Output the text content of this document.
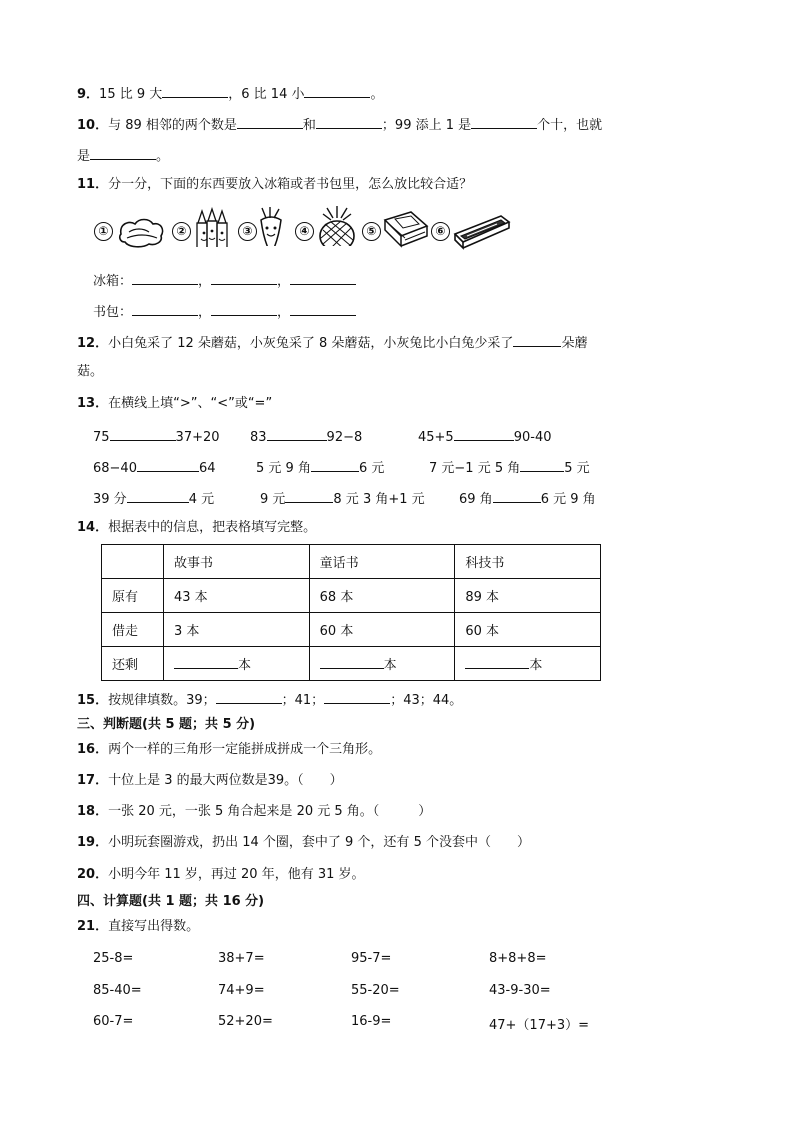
9．15 比 9 大	，6 比 14 小	。
10．与 89 相邻的两个数是	和	；99 添上 1 是	个十，也就
是	。
11．分一分，下面的东西要放入冰箱或者书包里，怎么放比较合适？
①	②	③	④	⑤	⑥
冰箱：	，	，
书包：	，	，
12．小白兔采了 12 朵蘑菇，小灰兔采了 8 朵蘑菇，小灰兔比小白兔少采了	朵蘑
菇。
13．在横线上填“>”、“<”或“=”
75	37+20 83	92−8	45+5	90-40
68−40	64	5 元 9 角	6 元	7 元−1 元 5 角	5 元
39 分	4 元	9 元	8 元 3 角+1 元	69 角	6 元 9 角
14．根据表中的信息，把表格填写完整。
	故事书	童话书	科技书
原有	43 本	68 本	89 本
借走	3 本	60 本	60 本
还剩	本	本	本
15．按规律填数。39；	；41；	；43；44。
三、判断题(共 5 题；共 5 分)
16．两个一样的三角形一定能拼成拼成一个三角形。
17．十位上是 3 的最大两位数是39。（　　）
18．一张 20 元，一张 5 角合起来是 20 元 5 角。（　　　）
19．小明玩套圈游戏，扔出 14 个圈，套中了 9 个，还有 5 个没套中（　　）
20．小明今年 11 岁，再过 20 年，他有 31 岁。
四、计算题(共 1 题；共 16 分)
21．直接写出得数。
25-8=	38+7=	95-7=	8+8+8=
85-40=	74+9=	55-20=	43-9-30=
60-7=	52+20=	16-9=	47+（17+3）=
